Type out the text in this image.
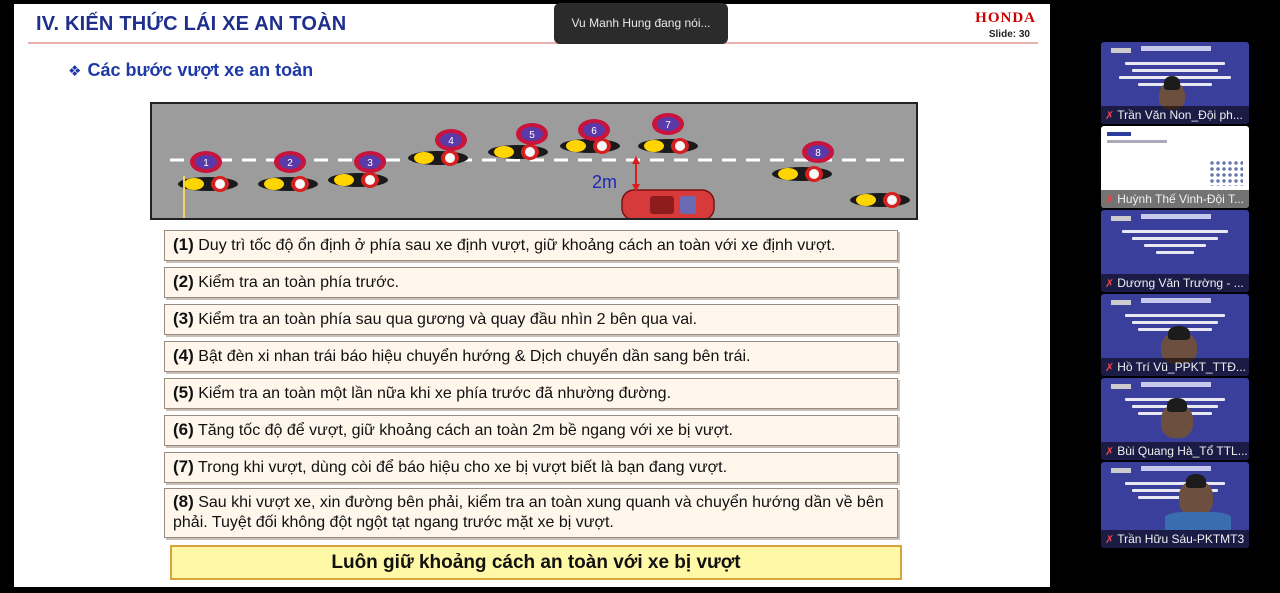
IV. KIẾN THỨC LÁI XE AN TOÀN	HONDA
Slide: 30
❖ Các bước vượt xe an toàn
1	2	3
4
5	6
7
8
2m
(1) Duy trì tốc độ ổn định ở phía sau xe định vượt, giữ khoảng cách an toàn với xe định vượt.
(2) Kiểm tra an toàn phía trước.
(3) Kiểm tra an toàn phía sau qua gương và quay đầu nhìn 2 bên qua vai.
(4) Bật đèn xi nhan trái báo hiệu chuyển hướng & Dịch chuyển dần sang bên trái.
(5) Kiểm tra an toàn một lần nữa khi xe phía trước đã nhường đường.
(6) Tăng tốc độ để vượt, giữ khoảng cách an toàn 2m bề ngang với xe bị vượt.
(7) Trong khi vượt, dùng còi để báo hiệu cho xe bị vượt biết là bạn đang vượt.
(8) Sau khi vượt xe, xin đường bên phải, kiểm tra an toàn xung quanh và chuyển hướng dần về bên phải. Tuyệt đối không đột ngột tạt ngang trước mặt xe bị vượt.
Luôn giữ khoảng cách an toàn với xe bị vượt
Vu Manh Hung đang nói...
✗ Trần Văn Non_Đội ph...
✗ Huỳnh Thế Vinh-Đội T...
✗ Dương Văn Trường - ...
✗ Hồ Trí Vũ_PPKT_TTĐ...
✗ Bùi Quang Hà_Tổ TTL...
✗ Trần Hữu Sáu-PKTMT3
